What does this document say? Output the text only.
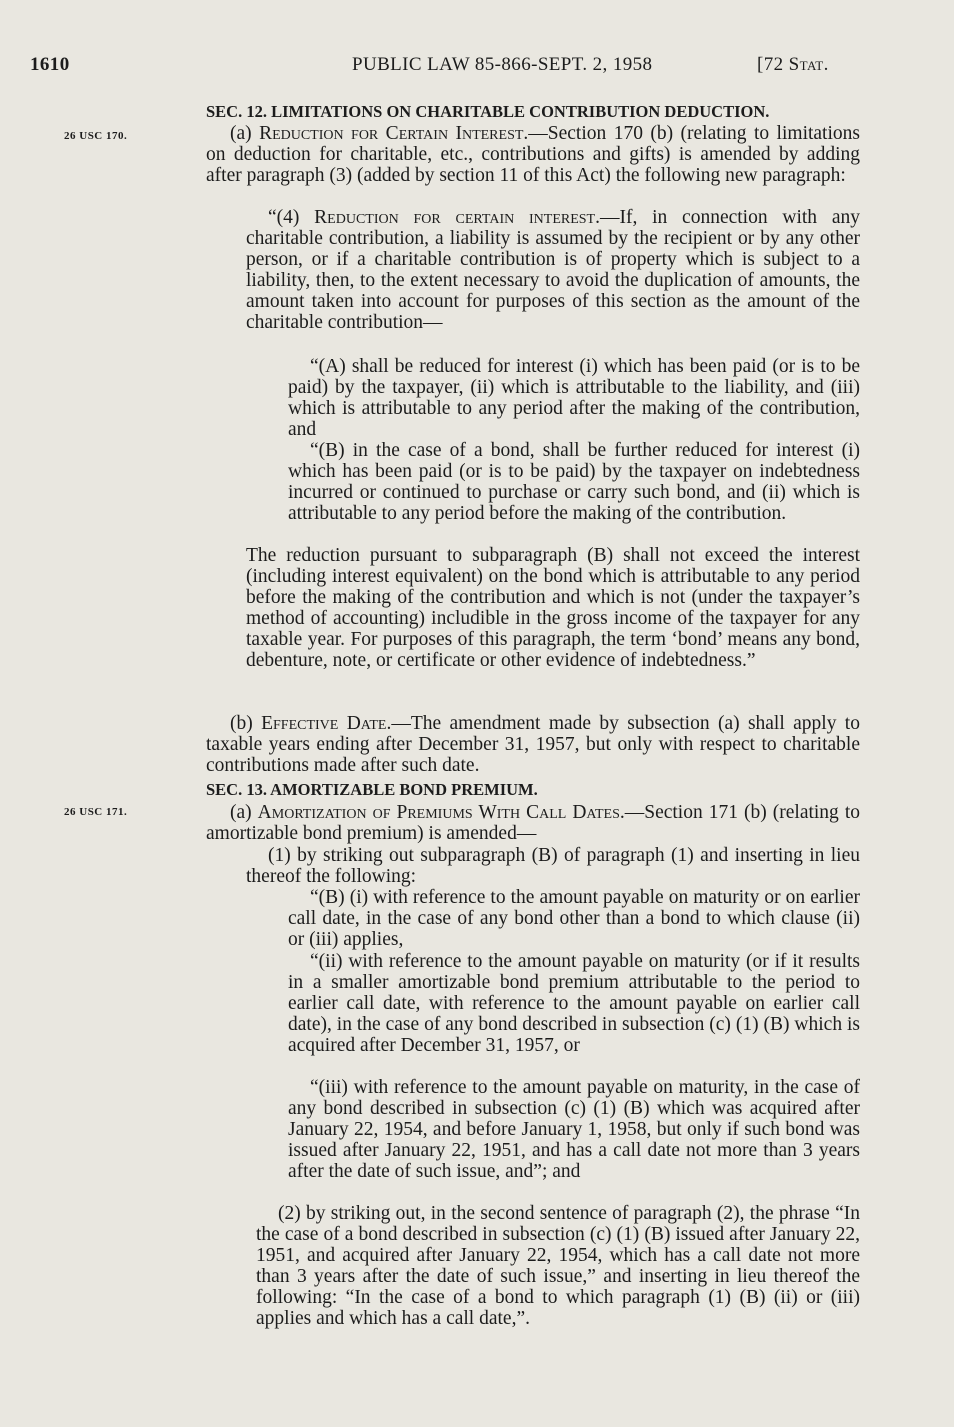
1610	PUBLIC LAW 85-866-SEPT. 2, 1958	[72 Stat.
26 USC 170.
26 USC 171.
SEC. 12. LIMITATIONS ON CHARITABLE CONTRIBUTION DEDUCTION.

(a) Reduction for Certain Interest.—Section 170 (b) (relating to limitations on deduction for charitable, etc., contributions and gifts) is amended by adding after paragraph (3) (added by section 11 of this Act) the following new paragraph:

“(4) Reduction for certain interest.—If, in connection with any charitable contribution, a liability is assumed by the recipient or by any other person, or if a charitable contribution is of property which is subject to a liability, then, to the extent necessary to avoid the duplication of amounts, the amount taken into account for purposes of this section as the amount of the charitable contribution—

“(A) shall be reduced for interest (i) which has been paid (or is to be paid) by the taxpayer, (ii) which is attributable to the liability, and (iii) which is attributable to any period after the making of the contribution, and

“(B) in the case of a bond, shall be further reduced for interest (i) which has been paid (or is to be paid) by the taxpayer on indebtedness incurred or continued to purchase or carry such bond, and (ii) which is attributable to any period before the making of the contribution.

The reduction pursuant to subparagraph (B) shall not exceed the interest (including interest equivalent) on the bond which is attributable to any period before the making of the contribution and which is not (under the taxpayer’s method of accounting) includible in the gross income of the taxpayer for any taxable year. For purposes of this paragraph, the term ‘bond’ means any bond, debenture, note, or certificate or other evidence of indebtedness.”

(b) Effective Date.—The amendment made by subsection (a) shall apply to taxable years ending after December 31, 1957, but only with respect to charitable contributions made after such date.

SEC. 13. AMORTIZABLE BOND PREMIUM.

(a) Amortization of Premiums With Call Dates.—Section 171 (b) (relating to amortizable bond premium) is amended—

(1) by striking out subparagraph (B) of paragraph (1) and inserting in lieu thereof the following:

“(B) (i) with reference to the amount payable on maturity or on earlier call date, in the case of any bond other than a bond to which clause (ii) or (iii) applies,

“(ii) with reference to the amount payable on maturity (or if it results in a smaller amortizable bond premium attributable to the period to earlier call date, with reference to the amount payable on earlier call date), in the case of any bond described in subsection (c) (1) (B) which is acquired after December 31, 1957, or

“(iii) with reference to the amount payable on maturity, in the case of any bond described in subsection (c) (1) (B) which was acquired after January 22, 1954, and before January 1, 1958, but only if such bond was issued after January 22, 1951, and has a call date not more than 3 years after the date of such issue, and”; and

(2) by striking out, in the second sentence of paragraph (2), the phrase “In the case of a bond described in subsection (c) (1) (B) issued after January 22, 1951, and acquired after January 22, 1954, which has a call date not more than 3 years after the date of such issue,” and inserting in lieu thereof the following: “In the case of a bond to which paragraph (1) (B) (ii) or (iii) applies and which has a call date,”.
